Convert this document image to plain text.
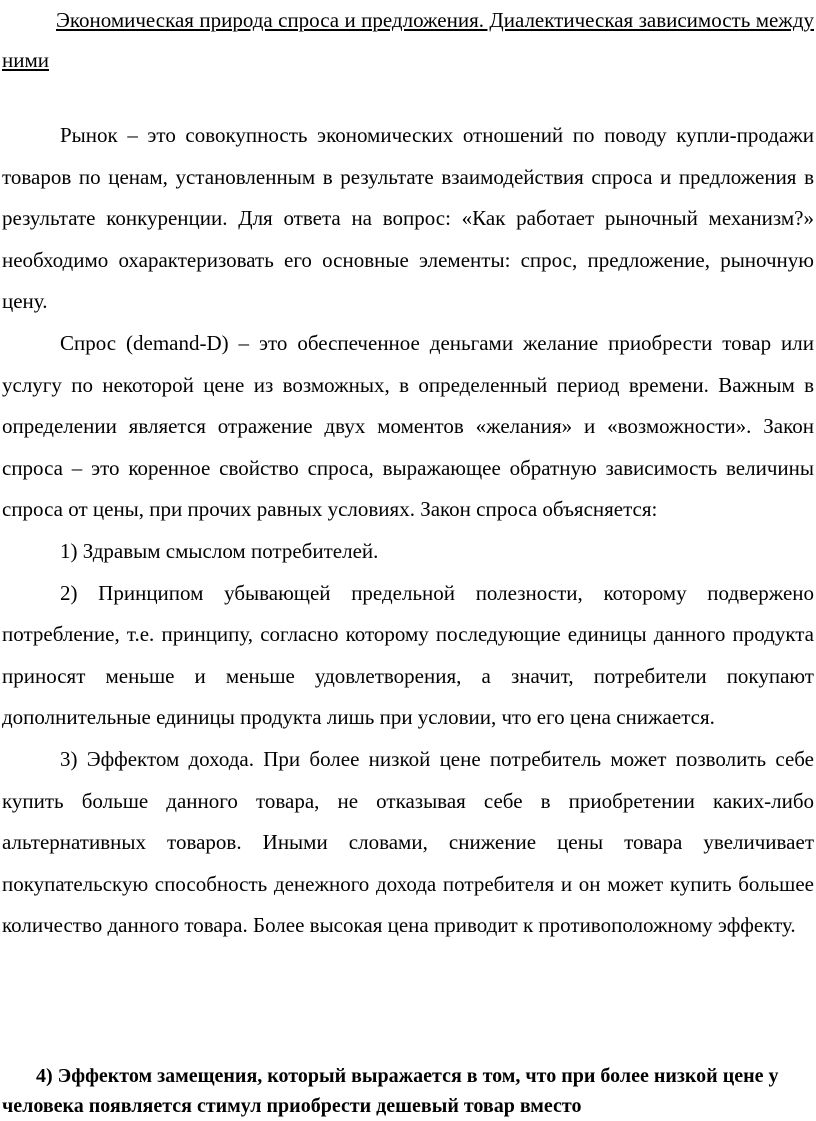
Экономическая природа спроса и предложения. Диалектическая зависимость между ними

Рынок – это совокупность экономических отношений по поводу купли-продажи товаров по ценам, установленным в результате взаимодействия спроса и предложения в результате конкуренции. Для ответа на вопрос: «Как работает рыночный механизм?» необходимо охарактеризовать его основные элементы: спрос, предложение, рыночную цену.

Спрос (demand-D) – это обеспеченное деньгами желание приобрести товар или услугу по некоторой цене из возможных, в определенный период времени. Важным в определении является отражение двух моментов «желания» и «возможности». Закон спроса – это коренное свойство спроса, выражающее обратную зависимость величины спроса от цены, при прочих равных условиях. Закон спроса объясняется:

1) Здравым смыслом потребителей.

2) Принципом убывающей предельной полезности, которому подвержено потребление, т.е. принципу, согласно которому последующие единицы данного продукта приносят меньше и меньше удовлетворения, а значит, потребители покупают дополнительные единицы продукта лишь при условии, что его цена снижается.

3) Эффектом дохода. При более низкой цене потребитель может позволить себе купить больше данного товара, не отказывая себе в приобретении каких-либо альтернативных товаров. Иными словами, снижение цены товара увеличивает покупательскую способность денежного дохода потребителя и он может купить большее количество данного товара. Более высокая цена приводит к противоположному эффекту.

4) Эффектом замещения, который выражается в том, что при более низкой цене у человека появляется стимул приобрести дешевый товар вместо
